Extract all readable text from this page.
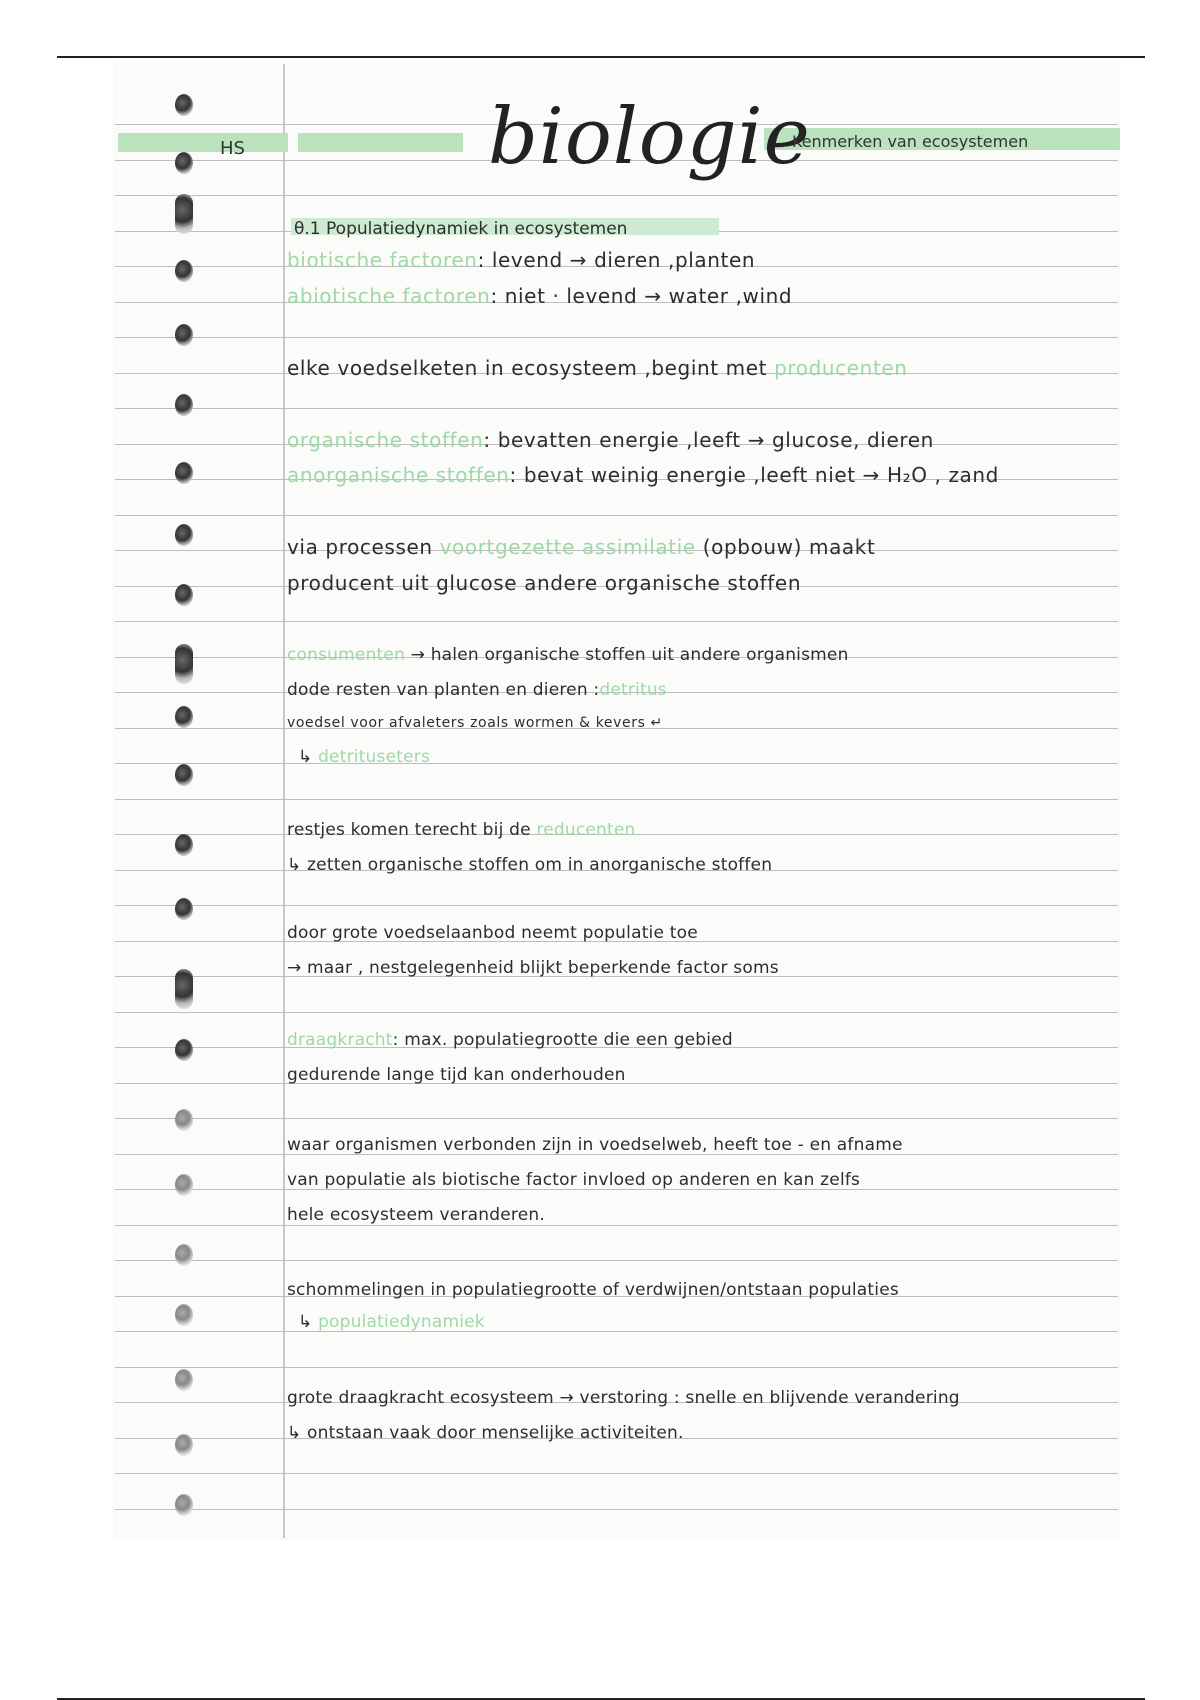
HS	biologie
Kenmerken van ecosystemen
θ.1 Populatiedynamiek in ecosystemen
biotische factoren: levend → dieren ,planten
abiotische factoren: niet · levend → water ,wind
elke voedselketen in ecosysteem ,begint met producenten
organische stoffen: bevatten energie ,leeft → glucose, dieren
anorganische stoffen: bevat weinig energie ,leeft niet → H₂O , zand
via processen voortgezette assimilatie (opbouw) maakt
producent uit glucose andere organische stoffen
consumenten → halen organische stoffen uit andere organismen
dode resten van planten en dieren :detritus
voedsel voor afvaleters zoals wormen & kevers ↵
↳ detrituseters
restjes komen terecht bij de reducenten
↳ zetten organische stoffen om in anorganische stoffen
door grote voedselaanbod neemt populatie toe
→ maar , nestgelegenheid blijkt beperkende factor soms
draagkracht: max. populatiegrootte die een gebied
gedurende lange tijd kan onderhouden
waar organismen verbonden zijn in voedselweb, heeft toe - en afname
van populatie als biotische factor invloed op anderen en kan zelfs
hele ecosysteem veranderen.
schommelingen in populatiegrootte of verdwijnen/ontstaan populaties
↳ populatiedynamiek
grote draagkracht ecosysteem → verstoring : snelle en blijvende verandering
↳ ontstaan vaak door menselijke activiteiten.
